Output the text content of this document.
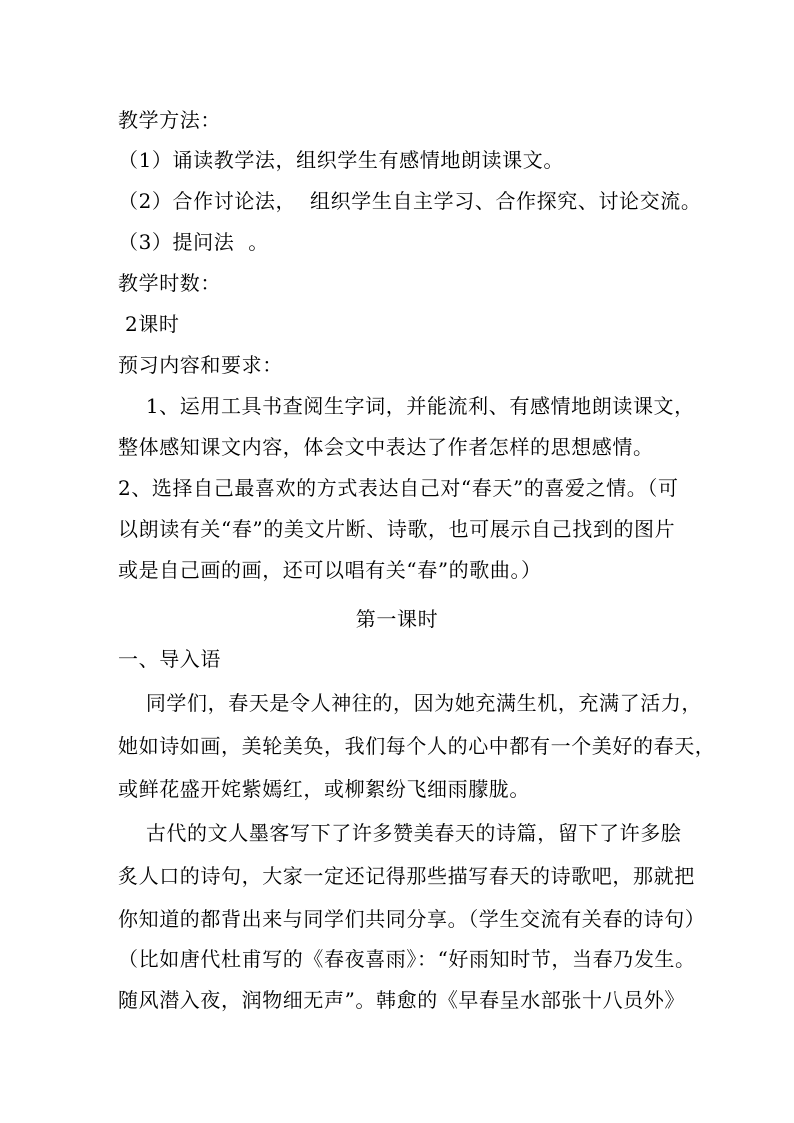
教学方法：
（1）诵读教学法，组织学生有感情地朗读课文。
（2）合作讨论法，  组织学生自主学习、合作探究、讨论交流。
（3）提问法  。
教学时数：
2课时
预习内容和要求：
1、运用工具书查阅生字词，并能流利、有感情地朗读课文，
整体感知课文内容，体会文中表达了作者怎样的思想感情。
2、选择自己最喜欢的方式表达自己对“春天”的喜爱之情。（可
以朗读有关“春”的美文片断、诗歌，也可展示自己找到的图片
或是自己画的画，还可以唱有关“春”的歌曲。）
第一课时
一、导入语
同学们，春天是令人神往的，因为她充满生机，充满了活力，
她如诗如画，美轮美奂，我们每个人的心中都有一个美好的春天，
或鲜花盛开姹紫嫣红，或柳絮纷飞细雨朦胧。
古代的文人墨客写下了许多赞美春天的诗篇，留下了许多脍
炙人口的诗句，大家一定还记得那些描写春天的诗歌吧，那就把
你知道的都背出来与同学们共同分享。（学生交流有关春的诗句）
（比如唐代杜甫写的《春夜喜雨》：“好雨知时节，当春乃发生。
随风潜入夜，润物细无声”。韩愈的《早春呈水部张十八员外》
